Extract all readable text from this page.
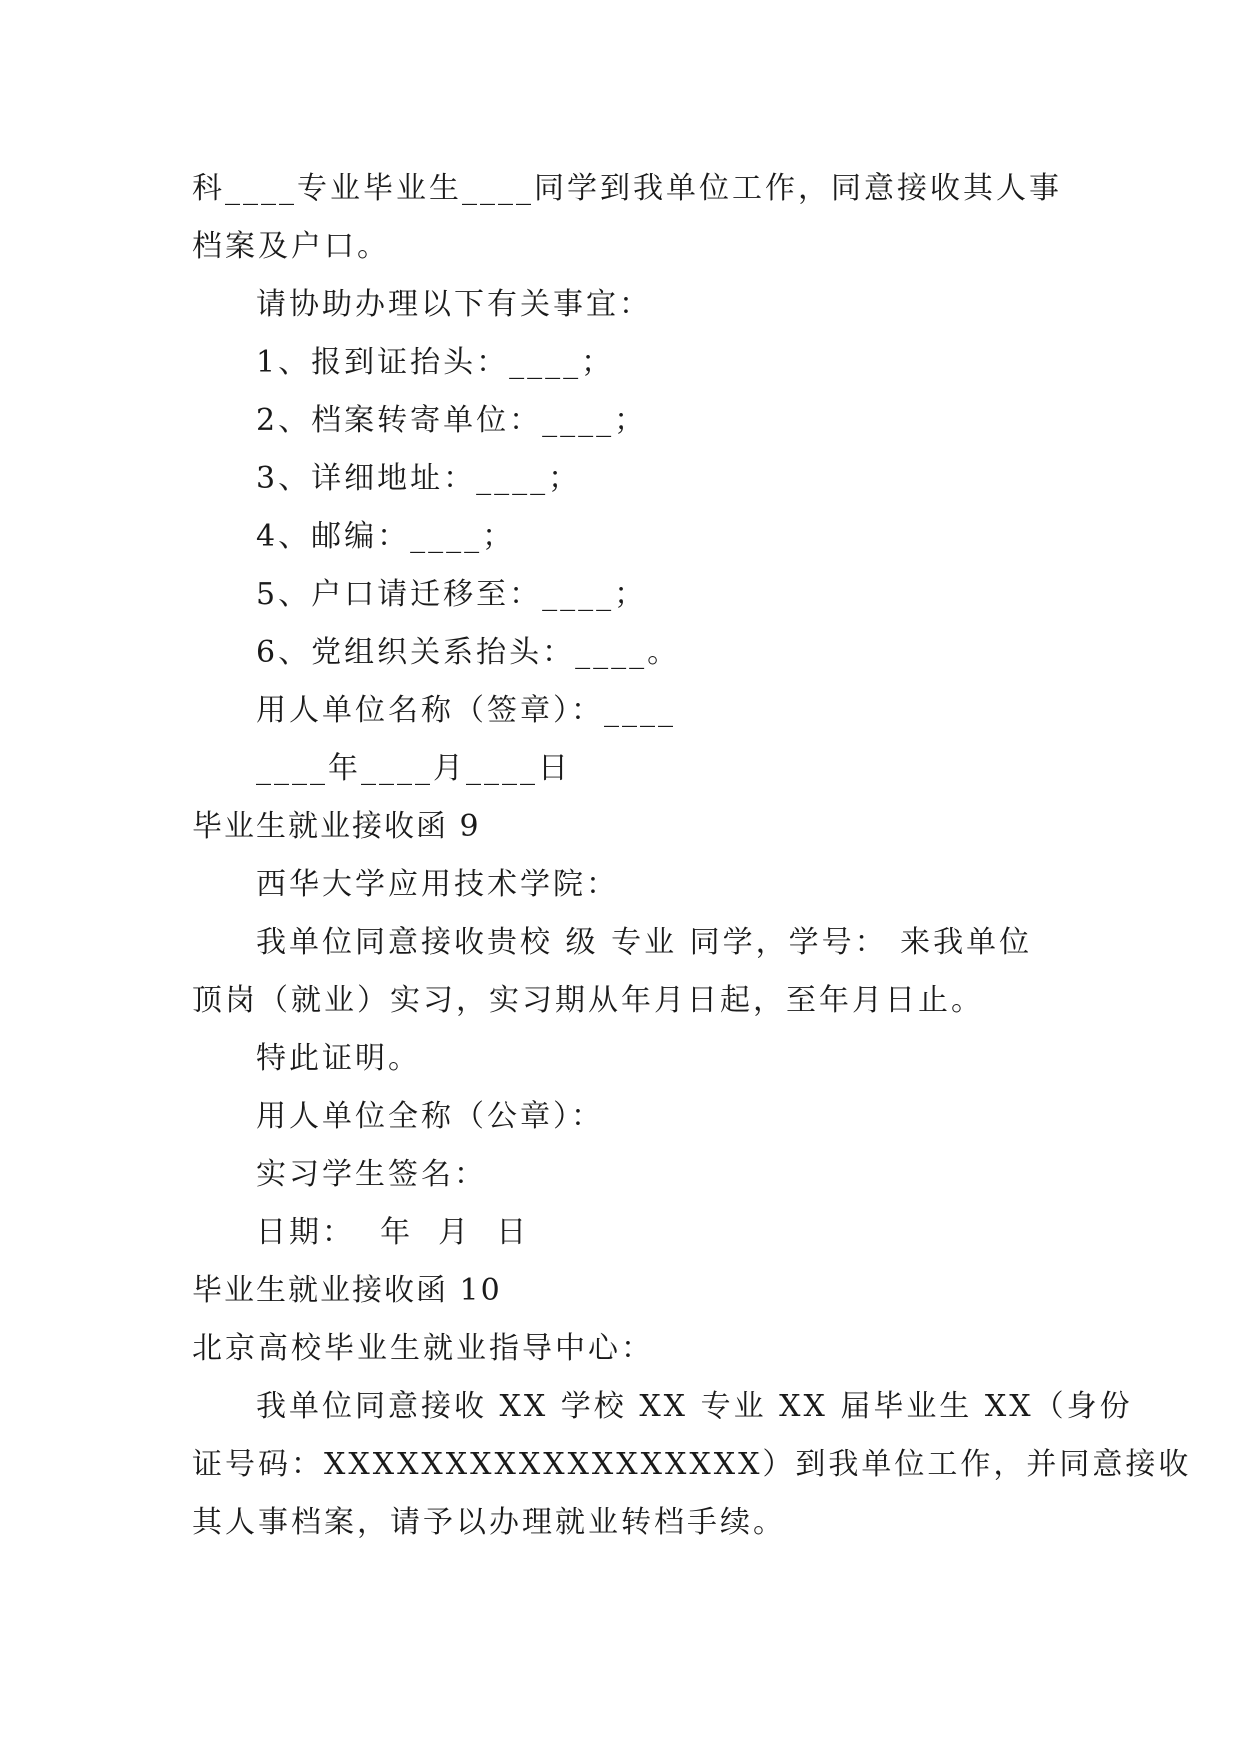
科____专业毕业生____同学到我单位工作，同意接收其人事

档案及户口。

请协助办理以下有关事宜：

1、报到证抬头：____；

2、档案转寄单位：____；

3、详细地址：____；

4、邮编：____；

5、户口请迁移至：____；

6、党组织关系抬头：____。

用人单位名称（签章）：____

____年____月____日

毕业生就业接收函 9

西华大学应用技术学院：

我单位同意接收贵校 级 专业 同学，学号： 来我单位

顶岗（就业）实习，实习期从年月日起，至年月日止。

特此证明。

用人单位全称（公章）：

实习学生签名：

日期：  年  月  日

毕业生就业接收函 10

北京高校毕业生就业指导中心：

我单位同意接收 XX 学校 XX 专业 XX 届毕业生 XX（身份

证号码：XXXXXXXXXXXXXXXXXX）到我单位工作，并同意接收

其人事档案，请予以办理就业转档手续。
